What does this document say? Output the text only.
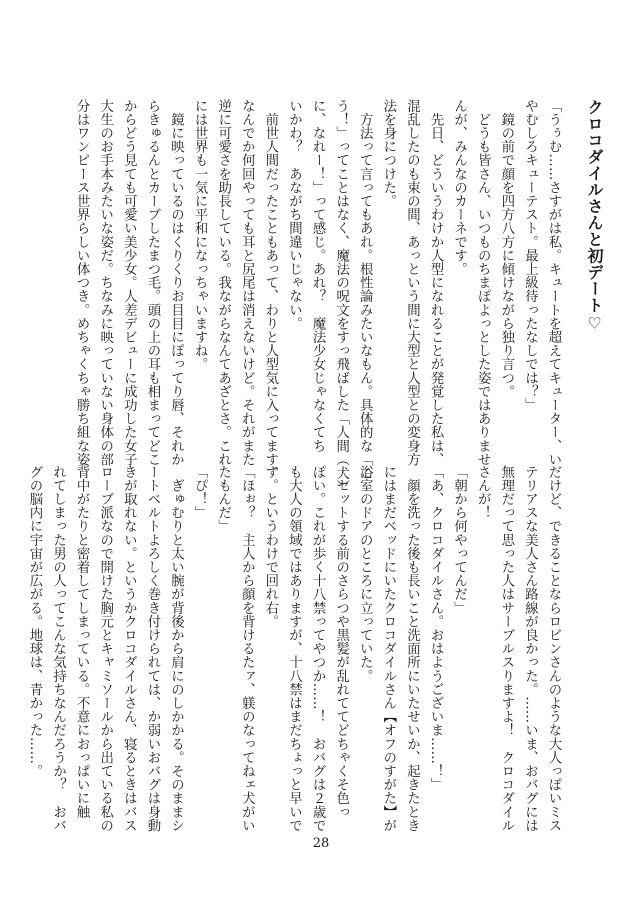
クロコダイルさんと初デート♡

「うぅむ……さすがは私。キュートを超えてキューター、い

やむしろキューテスト。最上級待ったなしでは？」

　鏡の前で顔を四方八方に傾けながら独り言つ。

　どうも皆さん、いつものちまぽよっとした姿ではありませ

んが、みんなのカーネです。

　先日、どういうわけか人型になれることが発覚した私は、

混乱したのも束の間、あっという間に大型と人型との変身方

法を身につけた。

　方法って言ってもあれ。根性論みたいなもん。具体的な「こ

う！」ってことはなく、魔法の呪文をすっ飛ばした「人間（犬）

に、なれー！」って感じ。あれ？　魔法少女じゃなくてち

いかわ？　あながち間違いじゃない。

　前世人間だったこともあって、わりと人型気に入ってます。

なんでか何回やっても耳と尻尾は消えないけど。それがまた

逆に可愛さを助長している。我ながらなんてあざとさ。これ

には世界も一気に平和になっちゃいますね。

　鏡に映っているのはくりくりお目目にぽってり唇、それか

らきゅるんとカーブしたまつ毛。頭の上の耳も相まってどこ

からどう見ても可愛い美少女。人差デビューに成功した女子

大生のお手本みたいな姿だ。ちなみに映っていない身体の部

分はワンピース世界らしい体つき。めちゃくちゃ勝ち組な姿

だけど、できることならロビンさんのような大人っぽいミス

テリアスな美人さん路線が良かった。……いま、おバグには

無理だって思った人はサーブルスりますよ！　クロコダイル

さんが！

「朝から何やってんだ」

「あ、クロコダイルさん。おはようございま……！」

　顔を洗った後も長いこと洗面所にいたせいか、起きたとき

にはまだベッドにいたクロコダイルさん【オフのすがた】が

浴室のドアのところに立っていた。

　セットする前のさらつや黒髪が乱れててどちゃくそ色っ

ぽい。これが歩く十八禁ってやつか……！　おバグは２歳で

も大人の領域ではありますが、十八禁はまだちょっと早いで

す。というわけで回れ右。

「ほぉ？　主人から顔を背けるたァ、躾のなってねェ犬がい

たもんだ」

「ぴ！」

　ぎゅむりと太い腕が背後から肩にのしかかる。そのままシ

ートベルトよろしく巻き付けられては、か弱いおバグは身動

きが取れない。というかクロコダイルさん、寝るときはバス

ローブ派なので開けた胸元とキャミソールから出ている私の

背中がたりと密着してしまっている。不意におっぱいに触

れてしまった男の人ってこんな気持ちなんだろうか？　おバ

グの脳内に宇宙が広がる。地球は、青かった……。

28
